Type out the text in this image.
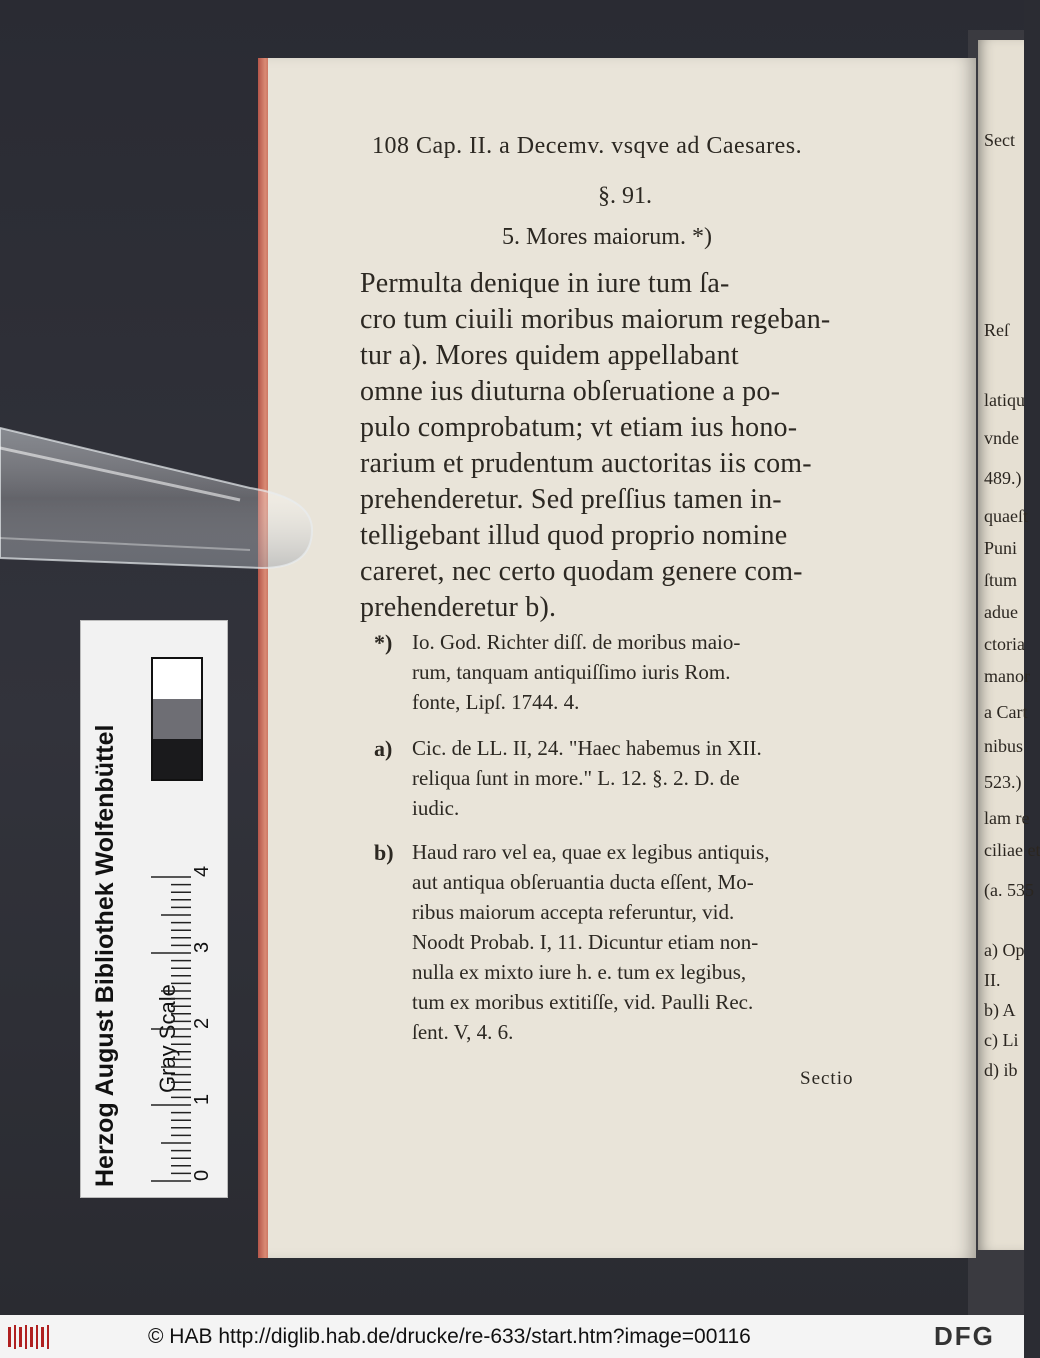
Sect
Reſ
latiqu
vnde
489.)
quaeſt
Puni
ſtum
adue
ctoria
manor
a Cart
nibus
523.)
lam re
ciliae et
(a. 535
a) Op
II.
b) A
c) Li
d) ib
108 Cap. II. a Decemv. vsqve ad Caesares.
§. 91.
5. Mores maiorum. *)
Permulta denique in iure tum ſa-
cro tum ciuili moribus maiorum regeban-
tur a). Mores quidem appellabant
omne ius diuturna obſeruatione a po-
pulo comprobatum; vt etiam ius hono-
rarium et prudentum auctoritas iis com-
prehenderetur. Sed preſſius tamen in-
telligebant illud quod proprio nomine
careret, nec certo quodam genere com-
prehenderetur b).
*) Io. God. Richter diſſ. de moribus maio-
rum, tanquam antiquiſſimo iuris Rom.
fonte, Lipſ. 1744. 4.
a) Cic. de LL. II, 24. "Haec habemus in XII.
reliqua ſunt in more." L. 12. §. 2. D. de
iudic.
b) Haud raro vel ea, quae ex legibus antiquis,
aut antiqua obſeruantia ducta eſſent, Mo-
ribus maiorum accepta referuntur, vid.
Noodt Probab. I, 11. Dicuntur etiam non-
nulla ex mixto iure h. e. tum ex legibus,
tum ex moribus extitiſſe, vid. Paulli Rec.
ſent. V, 4. 6.
Sectio
Herzog August Bibliothek Wolfenbüttel Gray Scale
0
1
2
3
4
© HAB http://diglib.hab.de/drucke/re-633/start.htm?image=00116	DFG
